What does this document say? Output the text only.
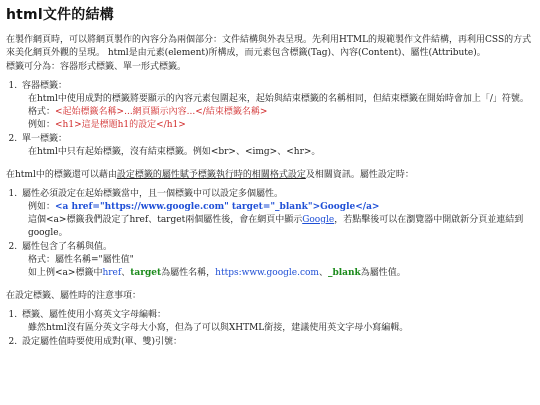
html文件的結構

在製作網頁時，可以將網頁製作的內容分為兩個部分：文件結構與外表呈現。先利用HTML的規範製作文件結構，再利用CSS的方式來美化網頁外觀的呈現。 html是由元素(element)所構成，而元素包含標籤(Tag)、內容(Content)、屬性(Attribute)。

標籤可分為：容器形式標籤、單一形式標籤。

1. 容器標籤：
在html中使用成對的標籤將要顯示的內容元素包圍起來，起始與結束標籤的名稱相同，但結束標籤在開始時會加上「/」符號。
格式：<起始標籤名稱>...網頁顯示內容...</結束標籤名稱>
例如：<h1>這是標題h1的設定</h1>
2. 單一標籤：
在html中只有起始標籤，沒有結束標籤。例如<br>、<img>、<hr>。

在html中的標籤還可以藉由設定標籤的屬性賦予標籤執行時的相關格式設定及相關資訊。屬性設定時：

1. 屬性必須設定在起始標籤當中，且一個標籤中可以設定多個屬性。
例如：<a href="https://www.google.com" target="_blank">Google</a>
這個<a>標籤我們設定了href、target兩個屬性後，會在網頁中顯示Google，若點擊後可以在瀏覽器中開啟新分頁並連結到google。
2. 屬性包含了名稱與值。
格式：屬性名稱="屬性值"
如上例<a>標籤中href、target為屬性名稱，https:www.google.com、_blank為屬性值。

在設定標籤、屬性時的注意事項：

1. 標籤、屬性使用小寫英文字母編輯：
雖然html沒有區分英文字母大小寫，但為了可以與XHTML銜接，建議使用英文字母小寫編輯。
2. 設定屬性值時要使用成對(單、雙)引號：
